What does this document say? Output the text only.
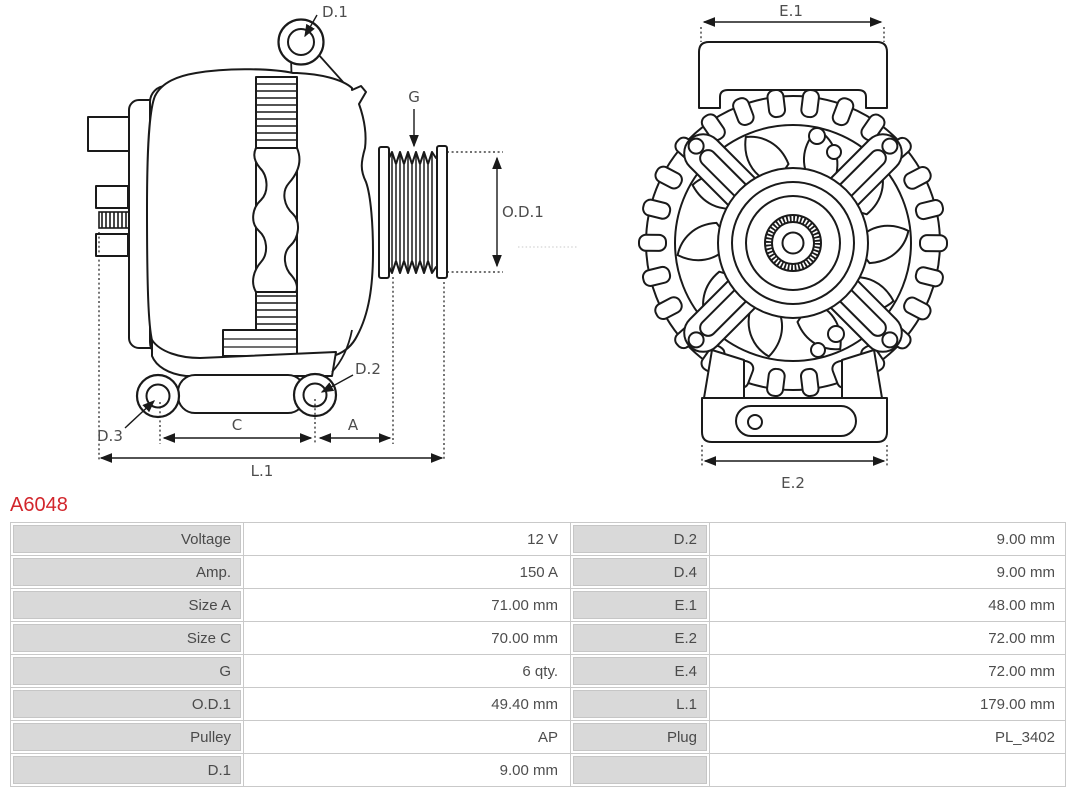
D.1
G
O.D.1
D.3
D.2
C	A
L.1
E.1
E.2
A6048
Voltage	12 V	D.2	9.00 mm
Amp.	150 A	D.4	9.00 mm
Size A	71.00 mm	E.1	48.00 mm
Size C	70.00 mm	E.2	72.00 mm
G	6 qty.	E.4	72.00 mm
O.D.1	49.40 mm	L.1	179.00 mm
Pulley	AP	Plug	PL_3402
D.1	9.00 mm
